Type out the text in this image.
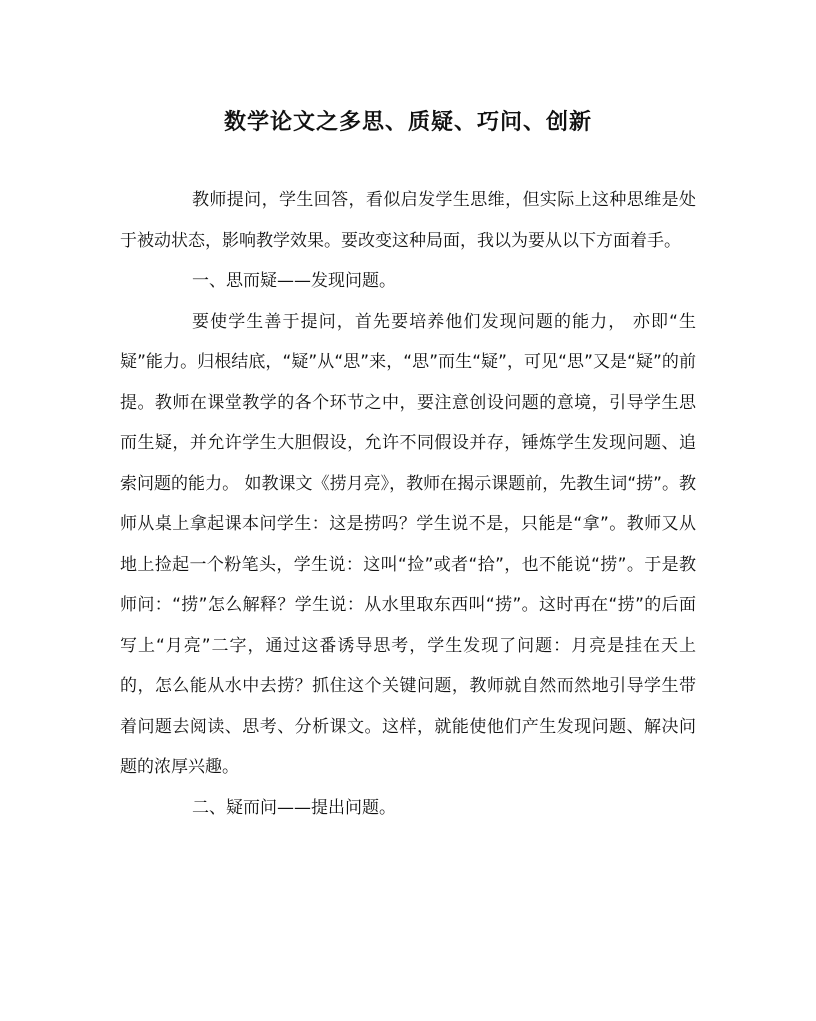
数学论文之多思、质疑、巧问、创新

教师提问，学生回答，看似启发学生思维，但实际上这种思维是处于被动状态，影响教学效果。要改变这种局面，我以为要从以下方面着手。

一、思而疑——发现问题。

要使学生善于提问，首先要培养他们发现问题的能力， 亦即“生疑”能力。归根结底，“疑”从“思”来，“思”而生“疑”，可见“思”又是“疑”的前提。教师在课堂教学的各个环节之中，要注意创设问题的意境，引导学生思而生疑，并允许学生大胆假设，允许不同假设并存，锤炼学生发现问题、追索问题的能力。 如教课文《捞月亮》，教师在揭示课题前，先教生词“捞”。教师从桌上拿起课本问学生：这是捞吗？学生说不是，只能是“拿”。教师又从地上捡起一个粉笔头，学生说：这叫“捡”或者“拾”，也不能说“捞”。于是教师问：“捞”怎么解释？学生说：从水里取东西叫“捞”。这时再在“捞”的后面写上“月亮”二字，通过这番诱导思考，学生发现了问题：月亮是挂在天上的，怎么能从水中去捞？抓住这个关键问题，教师就自然而然地引导学生带着问题去阅读、思考、分析课文。这样，就能使他们产生发现问题、解决问题的浓厚兴趣。

二、疑而问——提出问题。
